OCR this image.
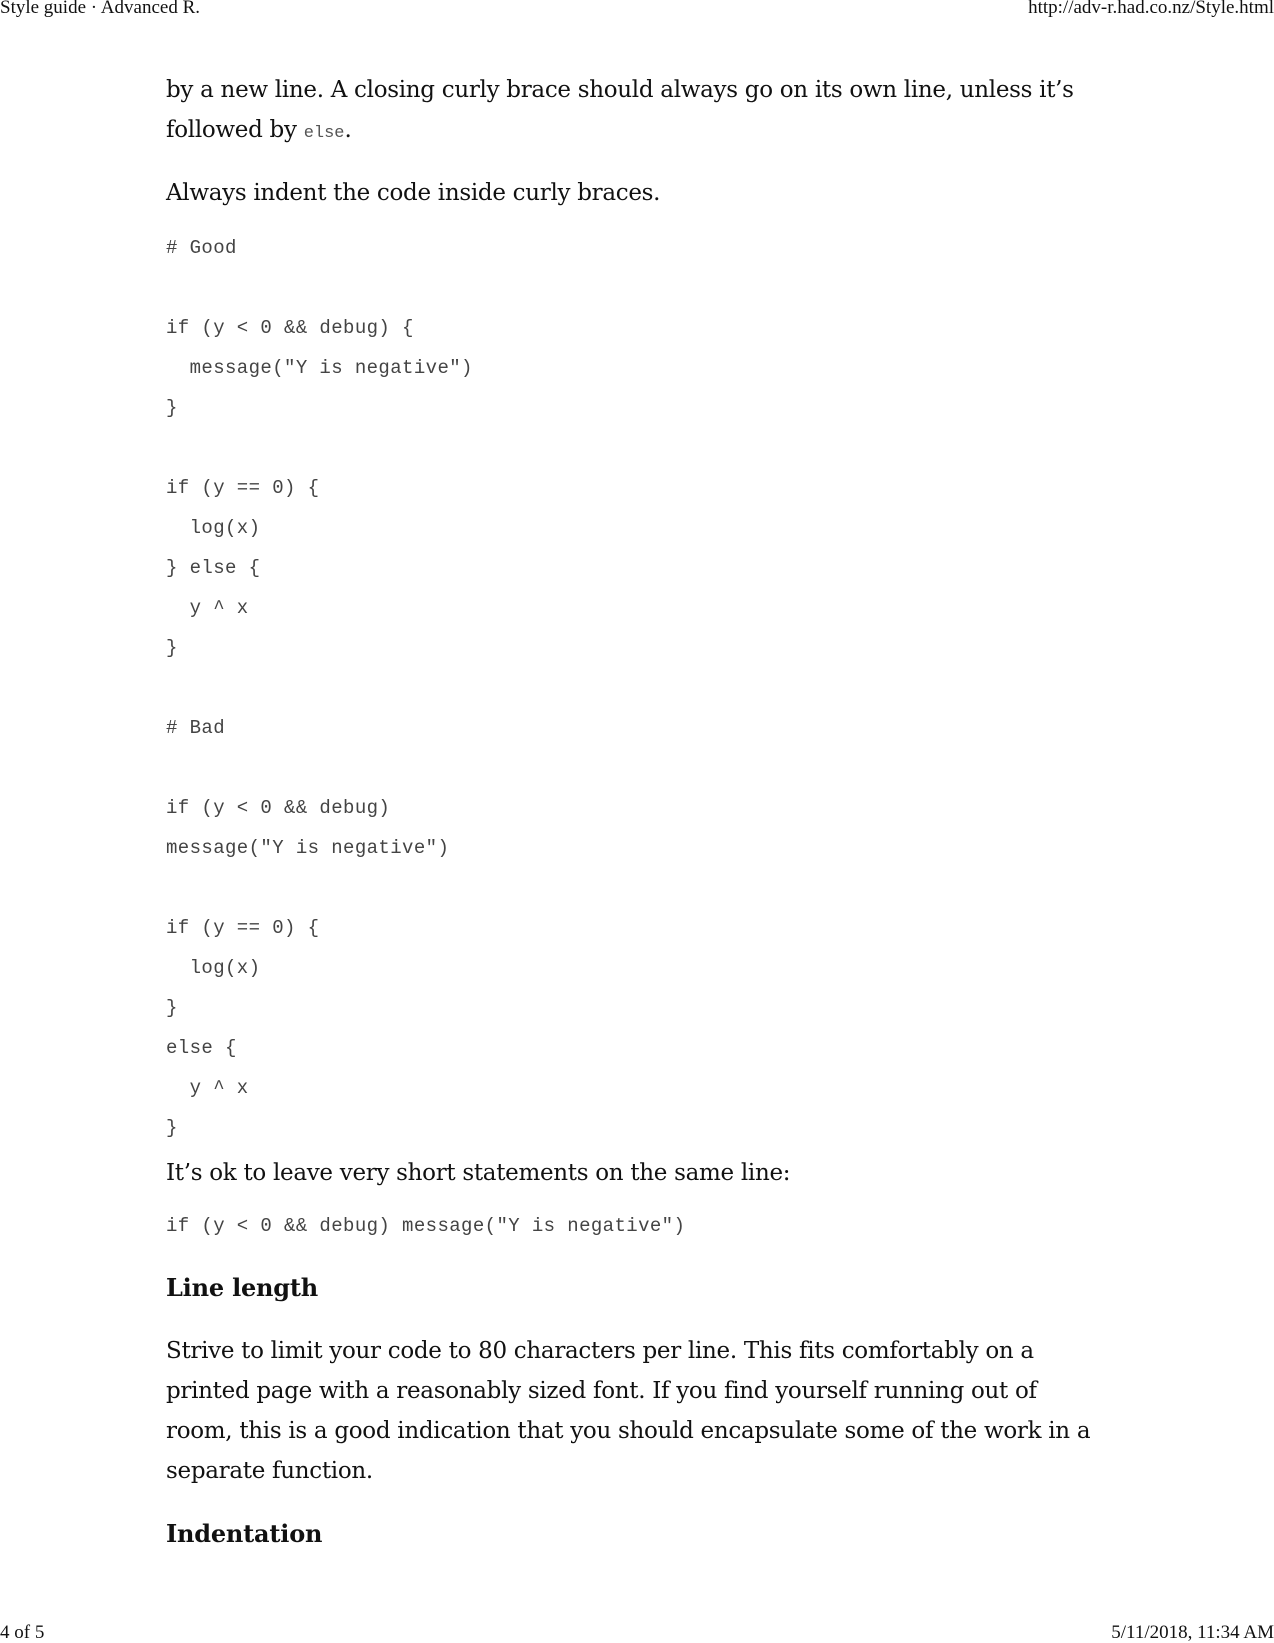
Style guide · Advanced R.	http://adv-r.had.co.nz/Style.html

by a new line. A closing curly brace should always go on its own line, unless it’s followed by else.

Always indent the code inside curly braces.

# Good
if (y < 0 && debug) {
message("Y is negative")
}
if (y == 0) {
log(x)
} else {
y ^ x
}
# Bad
if (y < 0 && debug)
message("Y is negative")
if (y == 0) {
log(x)
}
else {
y ^ x
}

It’s ok to leave very short statements on the same line:

if (y < 0 && debug) message("Y is negative")
Line length

Strive to limit your code to 80 characters per line. This fits comfortably on a printed page with a reasonably sized font. If you find yourself running out of room, this is a good indication that you should encapsulate some of the work in a separate function.

Indentation
4 of 5	5/11/2018, 11:34 AM
